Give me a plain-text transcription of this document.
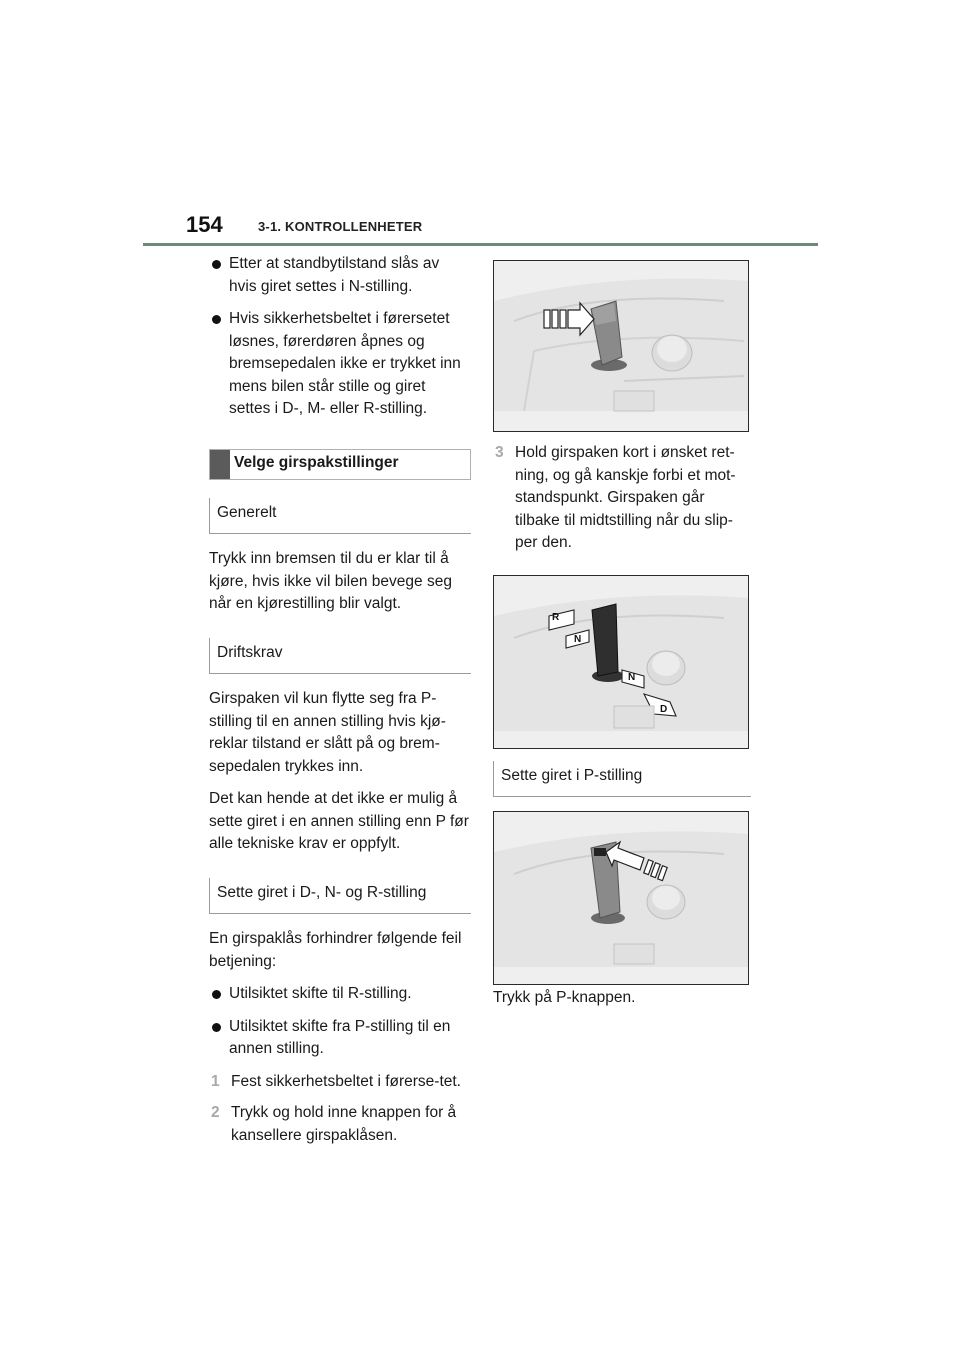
154	3-1. KONTROLLENHETER

Etter at standbytilstand slås av hvis giret settes i N-stilling.

Hvis sikkerhetsbeltet i førersetet løsnes, førerdøren åpnes og bremsepedalen ikke er trykket inn mens bilen står stille og giret settes i D-, M- eller R-stilling.

Velge girspakstillinger
Generelt

Trykk inn bremsen til du er klar til å kjøre, hvis ikke vil bilen bevege seg når en kjørestilling blir valgt.

Driftskrav

Girspaken vil kun flytte seg fra P-stilling til en annen stilling hvis kjø-reklar tilstand er slått på og brem-sepedalen trykkes inn.

Det kan hende at det ikke er mulig å sette giret i en annen stilling enn P før alle tekniske krav er oppfylt.

Sette giret i D-, N- og R-stilling

En girspaklås forhindrer følgende feil betjening:

Utilsiktet skifte til R-stilling.

Utilsiktet skifte fra P-stilling til en annen stilling.

1 Fest sikkerhetsbeltet i førerse-tet.

2 Trykk og hold inne knappen for å kansellere girspaklåsen.

3 Hold girspaken kort i ønsket ret-ning, og gå kanskje forbi et mot-standspunkt. Girspaken går tilbake til midtstilling når du slip-per den.

R
N
N
D
Sette giret i P-stilling

Trykk på P-knappen.
